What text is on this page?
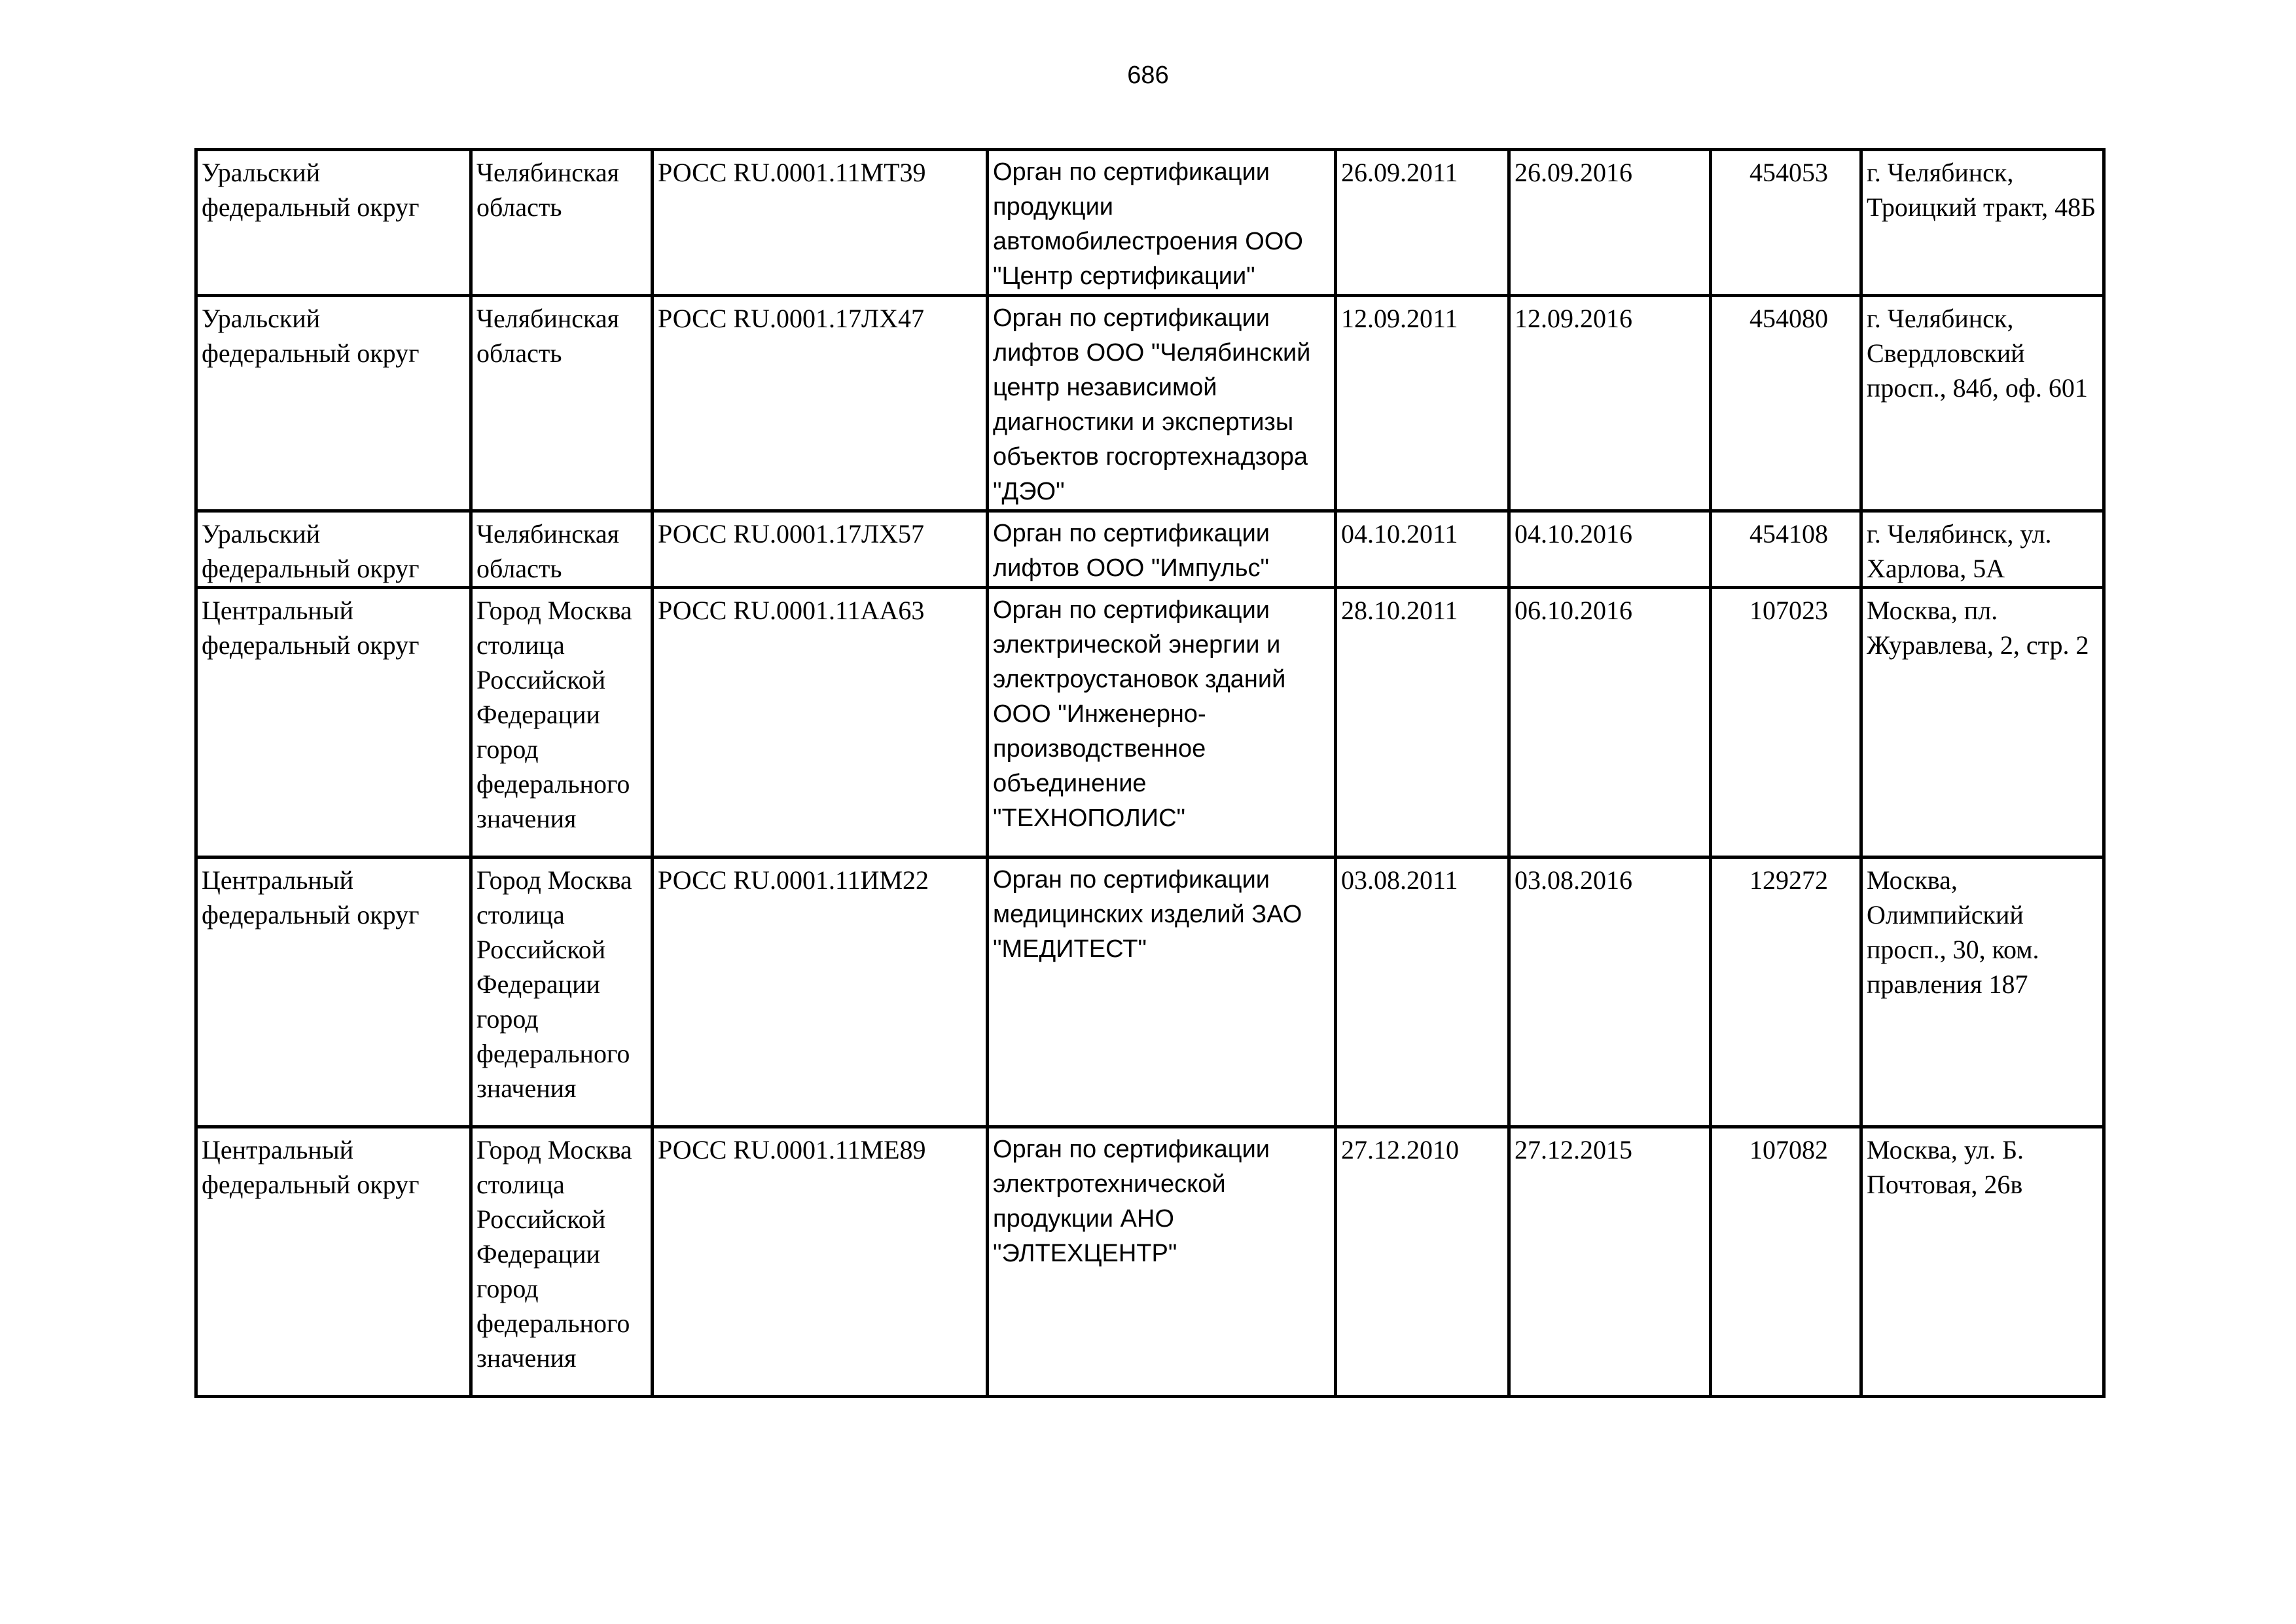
686
Уральский федеральный округ	Челябинская область	РОСС RU.0001.11МТ39	Орган по сертификации продукции автомобилестроения ООО "Центр сертификации"	26.09.2011	26.09.2016	454053	г. Челябинск, Троицкий тракт, 48Б
Уральский федеральный округ	Челябинская область	РОСС RU.0001.17ЛХ47	Орган по сертификации лифтов ООО "Челябинский центр независимой диагностики и экспертизы объектов госгортехнадзора "ДЭО"	12.09.2011	12.09.2016	454080	г. Челябинск, Свердловский просп., 84б, оф. 601
Уральский федеральный округ	Челябинская область	РОСС RU.0001.17ЛХ57	Орган по сертификации лифтов ООО "Импульс"	04.10.2011	04.10.2016	454108	г. Челябинск, ул. Харлова, 5А
Центральный федеральный округ	Город Москва столица Российской Федерации город федерального значения	РОСС RU.0001.11АА63	Орган по сертификации электрической энергии и электроустановок зданий ООО "Инженерно-производственное объединение "ТЕХНОПОЛИС"	28.10.2011	06.10.2016	107023	Москва, пл. Журавлева, 2, стр. 2
Центральный федеральный округ	Город Москва столица Российской Федерации город федерального значения	РОСС RU.0001.11ИМ22	Орган по сертификации медицинских изделий ЗАО "МЕДИТЕСТ"	03.08.2011	03.08.2016	129272	Москва, Олимпийский просп., 30, ком. правления 187
Центральный федеральный округ	Город Москва столица Российской Федерации город федерального значения	РОСС RU.0001.11МЕ89	Орган по сертификации электротехнической продукции АНО "ЭЛТЕХЦЕНТР"	27.12.2010	27.12.2015	107082	Москва, ул. Б. Почтовая, 26в
